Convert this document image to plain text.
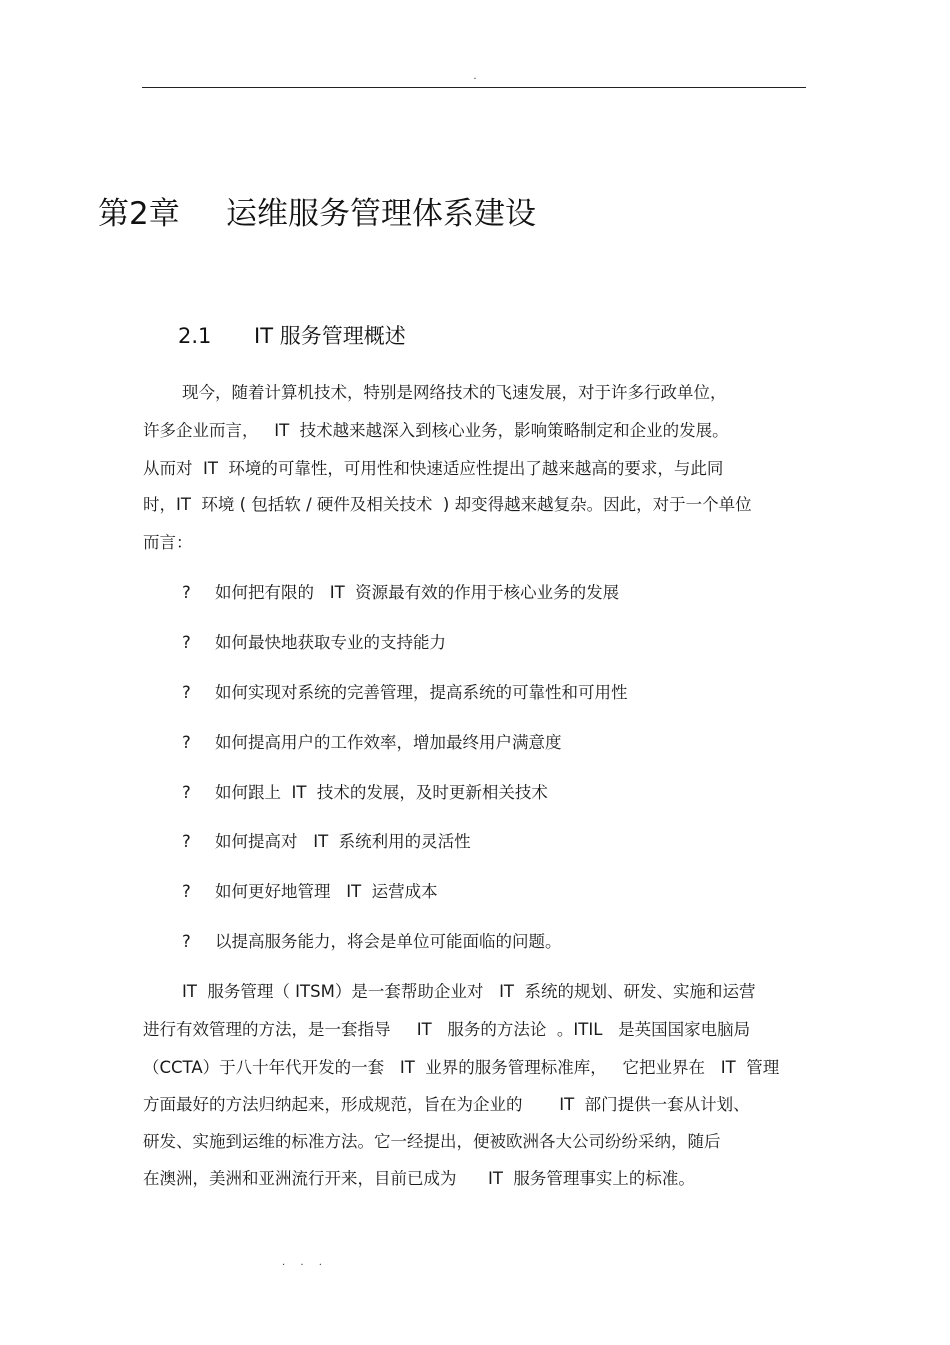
.
第2章 运维服务管理体系建设
2.1 IT 服务管理概述
现今，随着计算机技术，特别是网络技术的飞速发展，对于许多行政单位，
许多企业而言，   IT  技术越来越深入到核心业务，影响策略制定和企业的发展。
从而对  IT  环境的可靠性，可用性和快速适应性提出了越来越高的要求，与此同
时，IT  环境 ( 包括软 / 硬件及相关技术  ) 却变得越来越复杂。因此，对于一个单位
而言：
? 如何把有限的   IT  资源最有效的作用于核心业务的发展
? 如何最快地获取专业的支持能力
? 如何实现对系统的完善管理，提高系统的可靠性和可用性
? 如何提高用户的工作效率，增加最终用户满意度
? 如何跟上  IT  技术的发展，及时更新相关技术
? 如何提高对   IT  系统利用的灵活性
? 如何更好地管理   IT  运营成本
? 以提高服务能力，将会是单位可能面临的问题。
IT  服务管理（ ITSM）是一套帮助企业对   IT  系统的规划、研发、实施和运营
进行有效管理的方法，是一套指导     IT   服务的方法论  。ITIL   是英国国家电脑局
（CCTA）于八十年代开发的一套   IT  业界的服务管理标准库，   它把业界在   IT  管理
方面最好的方法归纳起来，形成规范，旨在为企业的       IT  部门提供一套从计划、
研发、实施到运维的标准方法。它一经提出，便被欧洲各大公司纷纷采纳，随后
在澳洲，美洲和亚洲流行开来，目前已成为      IT  服务管理事实上的标准。
. . .
